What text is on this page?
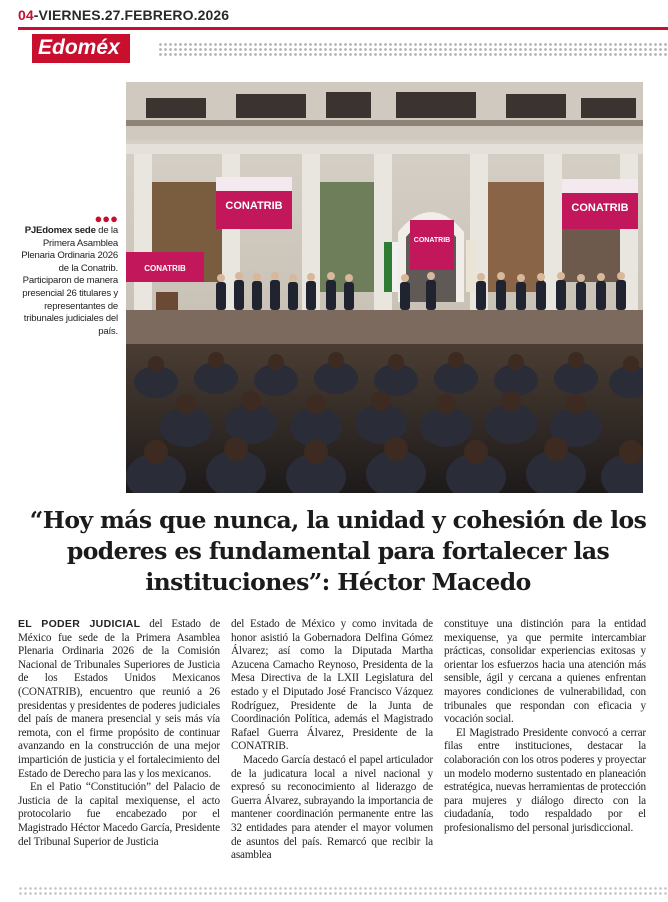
04-VIERNES.27.FEBRERO.2026
Edoméx
●●●
PJEdomex sede de la Primera Asamblea Plenaria Ordinaria 2026 de la Conatrib. Participaron de manera presencial 26 titulares y representantes de tribunales judiciales del país.
CONATRIB	CONATRIB
CONATRIB
CONATRIB
“Hoy más que nunca, la unidad y cohesión de los poderes es fundamental para fortalecer las instituciones”: Héctor Macedo

EL PODER JUDICIAL del Estado de México fue sede de la Primera Asamblea Plenaria Ordinaria 2026 de la Comisión Nacional de Tribunales Superiores de Justicia de los Estados Unidos Mexicanos (CONATRIB), encuentro que reunió a 26 presidentas y presidentes de poderes judiciales del país de manera presencial y seis más vía remota, con el firme propósito de continuar avanzando en la construcción de una mejor impartición de justicia y el fortalecimiento del Estado de Derecho para las y los mexicanos.

En el Patio “Constitución” del Palacio de Justicia de la capital mexiquense, el acto protocolario fue encabezado por el Magistrado Héctor Macedo García, Presidente del Tribunal Superior de Justicia

del Estado de México y como invitada de honor asistió la Gobernadora Delfina Gómez Álvarez; así como la Diputada Martha Azucena Camacho Reynoso, Presidenta de la Mesa Directiva de la LXII Legislatura del estado y el Diputado José Francisco Vázquez Rodríguez, Presidente de la Junta de Coordinación Política, además el Magistrado Rafael Guerra Álvarez, Presidente de la CONATRIB.

Macedo García destacó el papel articulador de la judicatura local a nivel nacional y expresó su reconocimiento al liderazgo de Guerra Álvarez, subrayando la importancia de mantener coordinación permanente entre las 32 entidades para atender el mayor volumen de asuntos del país. Remarcó que recibir la asamblea

constituye una distinción para la entidad mexiquense, ya que permite intercambiar prácticas, consolidar experiencias exitosas y orientar los esfuerzos hacia una atención más sensible, ágil y cercana a quienes enfrentan mayores condiciones de vulnerabilidad, con tribunales que respondan con eficacia y vocación social.

El Magistrado Presidente convocó a cerrar filas entre instituciones, destacar la colaboración con los otros poderes y proyectar un modelo moderno sustentado en planeación estratégica, nuevas herramientas de protección para mujeres y diálogo directo con la ciudadanía, todo respaldado por el profesionalismo del personal jurisdiccional.
